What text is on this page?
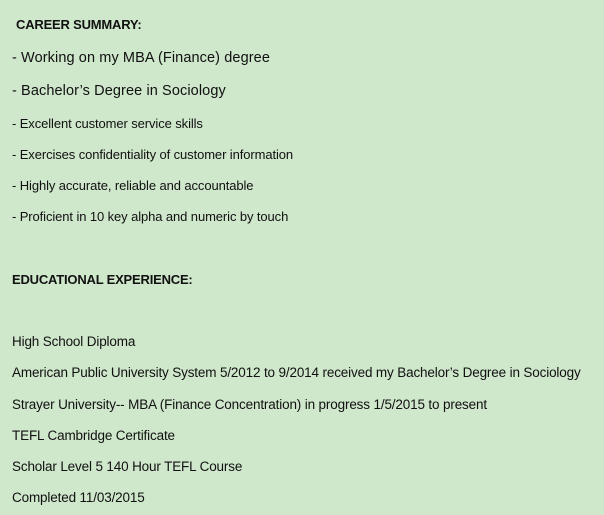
CAREER SUMMARY:
- Working on my MBA (Finance) degree
- Bachelor’s Degree in Sociology
- Excellent customer service skills
- Exercises confidentiality of customer information
- Highly accurate, reliable and accountable
- Proficient in 10 key alpha and numeric by touch
EDUCATIONAL EXPERIENCE:
High School Diploma
American Public University System 5/2012 to 9/2014 received my Bachelor’s Degree in Sociology
Strayer University-- MBA (Finance Concentration) in progress 1/5/2015 to present
TEFL Cambridge Certificate
Scholar Level 5 140 Hour TEFL Course
Completed 11/03/2015
